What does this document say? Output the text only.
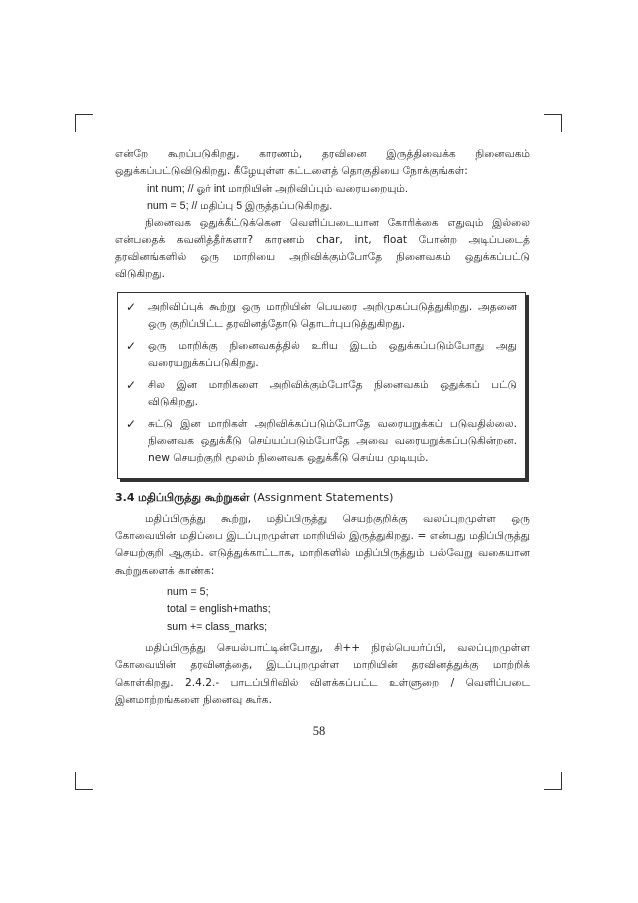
என்றே கூறப்படுகிறது. காரணம், தரவினை இருத்திவைக்க நினைவகம் ஒதுக்கப்பட்டுவிடுகிறது. கீழேயுள்ள கட்டளைத் தொகுதியை நோக்குங்கள்:

int num; // ஓர் int மாறியின் அறிவிப்பும் வரையறையும்.

num = 5; // மதிப்பு 5 இருத்தப்படுகிறது.

நினைவக ஒதுக்கீட்டுக்கென வெளிப்படையான கோரிக்கை எதுவும் இல்லை என்பதைக் கவனித்தீர்களா? காரணம் char, int, float போன்ற அடிப்படைத் தரவினங்களில் ஒரு மாறியை அறிவிக்கும்போதே நினைவகம் ஒதுக்கப்பட்டு விடுகிறது.

✓	அறிவிப்புக் கூற்று ஒரு மாறியின் பெயரை அறிமுகப்படுத்துகிறது. அதனை ஒரு குறிப்பிட்ட தரவினத்தோடு தொடர்புபடுத்துகிறது.
✓	ஒரு மாறிக்கு நினைவகத்தில் உரிய இடம் ஒதுக்கப்படும்போது அது வரையறுக்கப்படுகிறது.
✓	சில இன மாறிகளை அறிவிக்கும்போதே நினைவகம் ஒதுக்கப் பட்டு விடுகிறது.
✓	சுட்டு இன மாறிகள் அறிவிக்கப்படும்போதே வரையறுக்கப் படுவதில்லை. நினைவக ஒதுக்கீடு செய்யப்படும்போதே அவை வரையறுக்கப்படுகின்றன. new செயற்குறி மூலம் நினைவக ஒதுக்கீடு செய்ய முடியும்.
3.4 மதிப்பிருத்து கூற்றுகள் (Assignment Statements)

மதிப்பிருத்து கூற்று, மதிப்பிருத்து செயற்குறிக்கு வலப்புறமுள்ள ஒரு கோவையின் மதிப்பை இடப்புறமுள்ள மாறியில் இருத்துகிறது. = என்பது மதிப்பிருத்து செயற்குறி ஆகும். எடுத்துக்காட்டாக, மாறிகளில் மதிப்பிருத்தும் பல்வேறு வகையான கூற்றுகளைக் காண்க:

num = 5;

total = english+maths;

sum += class_marks;

மதிப்பிருத்து செயல்பாட்டின்போது, சி++ நிரல்பெயர்ப்பி, வலப்புறமுள்ள கோவையின் தரவினத்தை, இடப்புறமுள்ள மாறியின் தரவினத்துக்கு மாற்றிக் கொள்கிறது. 2.4.2.- பாடப்பிரிவில் விளக்கப்பட்ட உள்ளுறை / வெளிப்படை இனமாற்றங்களை நினைவு கூர்க.

58
